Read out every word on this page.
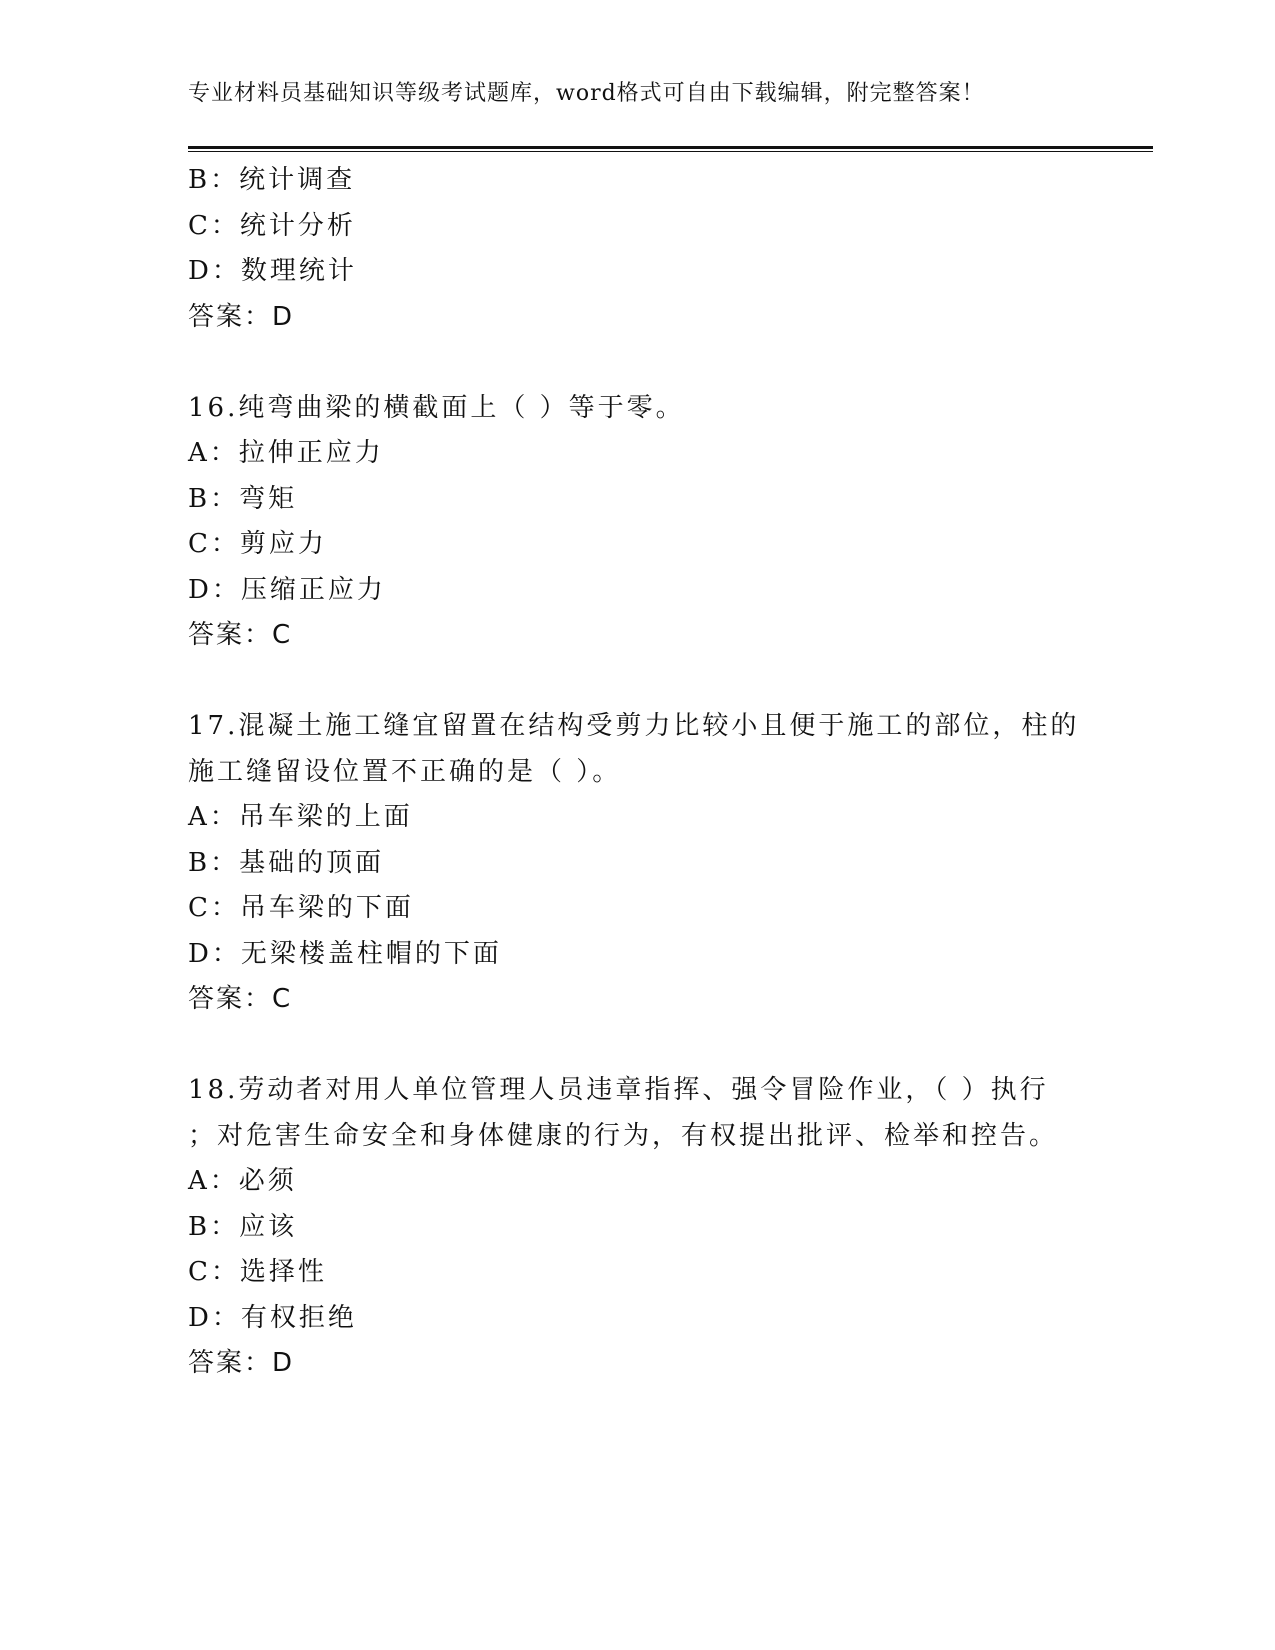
专业材料员基础知识等级考试题库，word格式可自由下载编辑，附完整答案！
B：统计调查
C：统计分析
D：数理统计
答案：D
16.纯弯曲梁的横截面上（ ）等于零。
A：拉伸正应力
B：弯矩
C：剪应力
D：压缩正应力
答案：C
17.混凝土施工缝宜留置在结构受剪力比较小且便于施工的部位，柱的
施工缝留设位置不正确的是（ ）。
A：吊车梁的上面
B：基础的顶面
C：吊车梁的下面
D：无梁楼盖柱帽的下面
答案：C
18.劳动者对用人单位管理人员违章指挥、强令冒险作业，（ ）执行
；对危害生命安全和身体健康的行为，有权提出批评、检举和控告。
A：必须
B：应该
C：选择性
D：有权拒绝
答案：D
